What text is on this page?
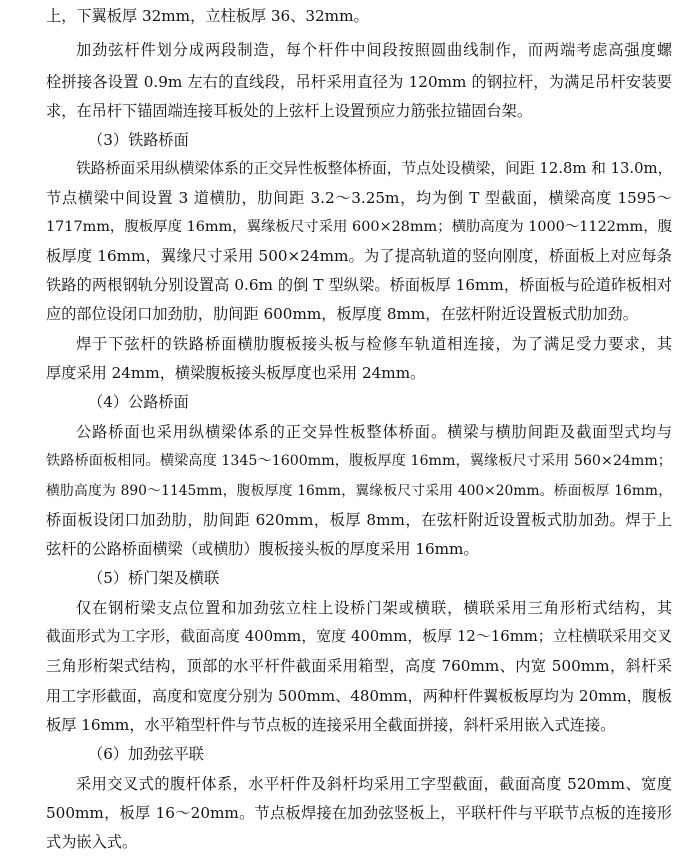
上，下翼板厚 32mm，立柱板厚 36、32mm。
加劲弦杆件划分成两段制造，每个杆件中间段按照圆曲线制作，而两端考虑高强度螺
栓拼接各设置 0.9m 左右的直线段，吊杆采用直径为 120mm 的钢拉杆，为满足吊杆安装要
求，在吊杆下锚固端连接耳板处的上弦杆上设置预应力筋张拉锚固台架。
（3）铁路桥面
铁路桥面采用纵横梁体系的正交异性板整体桥面，节点处设横梁，间距 12.8m 和 13.0m，
节点横梁中间设置 3 道横肋，肋间距 3.2～3.25m，均为倒 T 型截面，横梁高度 1595～
1717mm，腹板厚度 16mm，翼缘板尺寸采用 600×28mm；横肋高度为 1000～1122mm，腹
板厚度 16mm，翼缘尺寸采用 500×24mm。为了提高轨道的竖向刚度，桥面板上对应每条
铁路的两根钢轨分别设置高 0.6m 的倒 T 型纵梁。桥面板厚 16mm，桥面板与砼道砟板相对
应的部位设闭口加劲肋，肋间距 600mm，板厚度 8mm，在弦杆附近设置板式肋加劲。
焊于下弦杆的铁路桥面横肋腹板接头板与检修车轨道相连接，为了满足受力要求，其
厚度采用 24mm，横梁腹板接头板厚度也采用 24mm。
（4）公路桥面
公路桥面也采用纵横梁体系的正交异性板整体桥面。横梁与横肋间距及截面型式均与
铁路桥面板相同。横梁高度 1345～1600mm，腹板厚度 16mm，翼缘板尺寸采用 560×24mm；
横肋高度为 890～1145mm，腹板厚度 16mm，翼缘板尺寸采用 400×20mm。桥面板厚 16mm，
桥面板设闭口加劲肋，肋间距 620mm，板厚 8mm，在弦杆附近设置板式肋加劲。焊于上
弦杆的公路桥面横梁（或横肋）腹板接头板的厚度采用 16mm。
（5）桥门架及横联
仅在钢桁梁支点位置和加劲弦立柱上设桥门架或横联，横联采用三角形桁式结构，其
截面形式为工字形，截面高度 400mm，宽度 400mm，板厚 12～16mm；立柱横联采用交叉
三角形桁架式结构，顶部的水平杆件截面采用箱型，高度 760mm、内宽 500mm，斜杆采
用工字形截面，高度和宽度分别为 500mm、480mm，两种杆件翼板板厚均为 20mm，腹板
板厚 16mm，水平箱型杆件与节点板的连接采用全截面拼接，斜杆采用嵌入式连接。
（6）加劲弦平联
采用交叉式的腹杆体系，水平杆件及斜杆均采用工字型截面，截面高度 520mm、宽度
500mm，板厚 16～20mm。节点板焊接在加劲弦竖板上，平联杆件与平联节点板的连接形
式为嵌入式。
